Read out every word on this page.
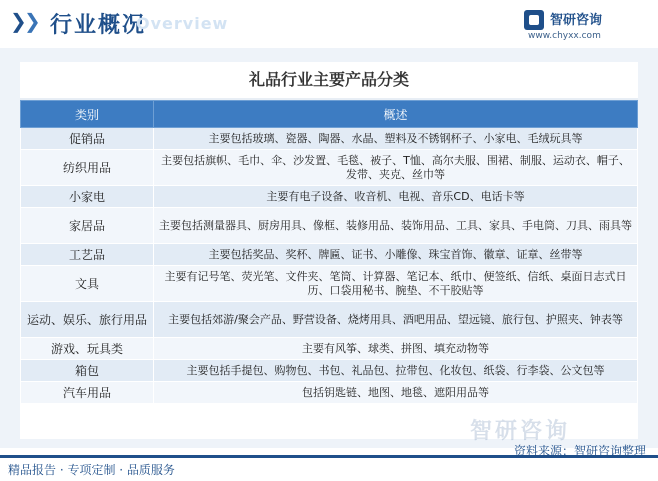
❯
❯ 行业概况
Overview	智研咨询
www.chyxx.com
礼品行业主要产品分类
类别	概述
促销品	主要包括玻璃、瓷器、陶器、水晶、塑料及不锈钢杯子、小家电、毛绒玩具等
纺织用品	主要包括旗帜、毛巾、伞、沙发置、毛毯、被子、T恤、高尔夫服、围裙、制服、运动衣、帽子、发带、夹克、丝巾等
小家电	主要有电子设备、收音机、电视、音乐CD、电话卡等
家居品	主要包括测量器具、厨房用具、像框、装修用品、装饰用品、工具、家具、手电筒、刀具、雨具等
工艺品	主要包括奖品、奖杯、牌匾、证书、小雕像、珠宝首饰、徽章、证章、丝带等
文具	主要有记号笔、荧光笔、文件夹、笔筒、计算器、笔记本、纸巾、便签纸、信纸、桌面日志式日历、口袋用秘书、腕垫、不干胶贴等
运动、娱乐、旅行用品	主要包括郊游/聚会产品、野营设备、烧烤用具、酒吧用品、望远镜、旅行包、护照夹、钟表等
游戏、玩具类	主要有风筝、球类、拼图、填充动物等
箱包	主要包括手提包、购物包、书包、礼品包、拉带包、化妆包、纸袋、行李袋、公文包等
汽车用品	包括钥匙链、地图、地毯、遮阳用品等
智研咨询
精品报告 · 专项定制 · 品质服务
资料来源：智研咨询整理
